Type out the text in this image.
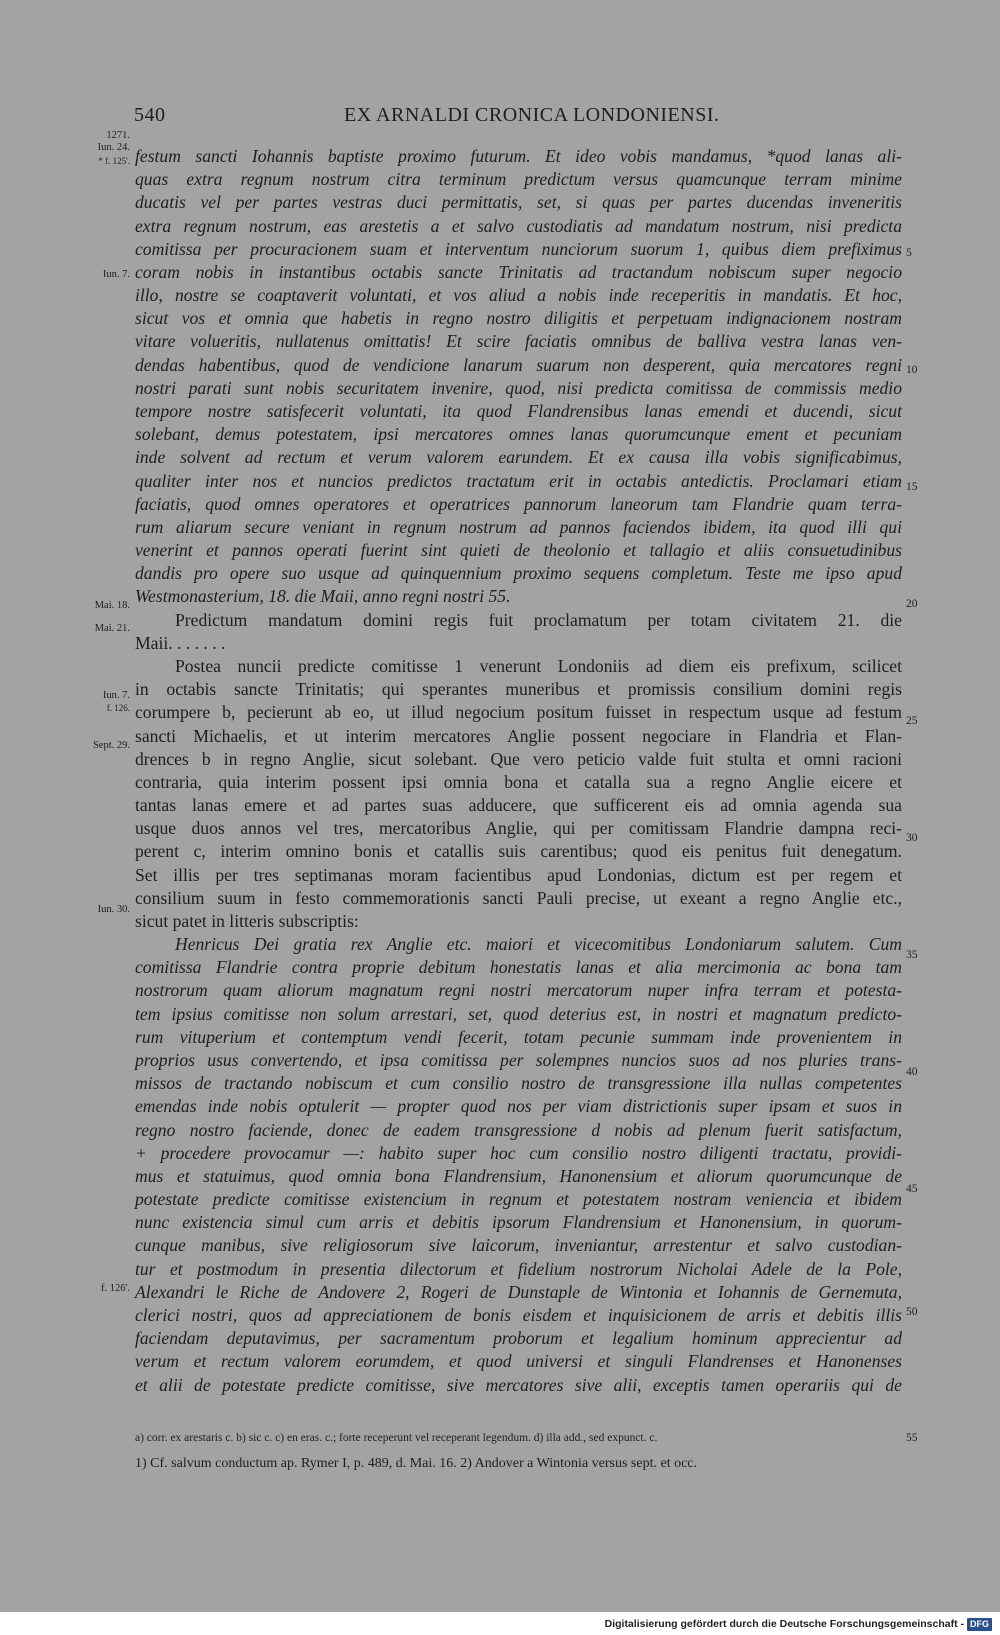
540	EX ARNALDI CRONICA LONDONIENSI.
1271.
Iun. 24.
* f. 125'.
Iun. 7.
Mai. 18.
Mai. 21.
Iun. 7.
f. 126.
Sept. 29.
Iun. 30.
f. 126'.
5
10
15
20
25
30
35
40
45
50
festum sancti Iohannis baptiste proximo futurum. Et ideo vobis mandamus, *quod lanas ali-
quas extra regnum nostrum citra terminum predictum versus quamcunque terram minime
ducatis vel per partes vestras duci permittatis, set, si quas per partes ducendas inveneritis
extra regnum nostrum, eas arestetis a et salvo custodiatis ad mandatum nostrum, nisi predicta
comitissa per procuracionem suam et interventum nunciorum suorum 1, quibus diem prefiximus
coram nobis in instantibus octabis sancte Trinitatis ad tractandum nobiscum super negocio
illo, nostre se coaptaverit voluntati, et vos aliud a nobis inde receperitis in mandatis. Et hoc,
sicut vos et omnia que habetis in regno nostro diligitis et perpetuam indignacionem nostram
vitare volueritis, nullatenus omittatis! Et scire faciatis omnibus de balliva vestra lanas ven-
dendas habentibus, quod de vendicione lanarum suarum non desperent, quia mercatores regni
nostri parati sunt nobis securitatem invenire, quod, nisi predicta comitissa de commissis medio
tempore nostre satisfecerit voluntati, ita quod Flandrensibus lanas emendi et ducendi, sicut
solebant, demus potestatem, ipsi mercatores omnes lanas quorumcunque ement et pecuniam
inde solvent ad rectum et verum valorem earundem. Et ex causa illa vobis significabimus,
qualiter inter nos et nuncios predictos tractatum erit in octabis antedictis. Proclamari etiam
faciatis, quod omnes operatores et operatrices pannorum laneorum tam Flandrie quam terra-
rum aliarum secure veniant in regnum nostrum ad pannos faciendos ibidem, ita quod illi qui
venerint et pannos operati fuerint sint quieti de theolonio et tallagio et aliis consuetudinibus
dandis pro opere suo usque ad quinquennium proximo sequens completum. Teste me ipso apud
Westmonasterium, 18. die Maii, anno regni nostri 55.
Predictum mandatum domini regis fuit proclamatum per totam civitatem 21. die
Maii. . . . . . .
Postea nuncii predicte comitisse 1 venerunt Londoniis ad diem eis prefixum, scilicet
in octabis sancte Trinitatis; qui sperantes muneribus et promissis consilium domini regis
corumpere b, pecierunt ab eo, ut illud negocium positum fuisset in respectum usque ad festum
sancti Michaelis, et ut interim mercatores Anglie possent negociare in Flandria et Flan-
drences b in regno Anglie, sicut solebant. Que vero peticio valde fuit stulta et omni racioni
contraria, quia interim possent ipsi omnia bona et catalla sua a regno Anglie eicere et
tantas lanas emere et ad partes suas adducere, que sufficerent eis ad omnia agenda sua
usque duos annos vel tres, mercatoribus Anglie, qui per comitissam Flandrie dampna reci-
perent c, interim omnino bonis et catallis suis carentibus; quod eis penitus fuit denegatum.
Set illis per tres septimanas moram facientibus apud Londonias, dictum est per regem et
consilium suum in festo commemorationis sancti Pauli precise, ut exeant a regno Anglie etc.,
sicut patet in litteris subscriptis:
Henricus Dei gratia rex Anglie etc. maiori et vicecomitibus Londoniarum salutem. Cum
comitissa Flandrie contra proprie debitum honestatis lanas et alia mercimonia ac bona tam
nostrorum quam aliorum magnatum regni nostri mercatorum nuper infra terram et potesta-
tem ipsius comitisse non solum arrestari, set, quod deterius est, in nostri et magnatum predicto-
rum vituperium et contemptum vendi fecerit, totam pecunie summam inde provenientem in
proprios usus convertendo, et ipsa comitissa per solempnes nuncios suos ad nos pluries trans-
missos de tractando nobiscum et cum consilio nostro de transgressione illa nullas competentes
emendas inde nobis optulerit — propter quod nos per viam districtionis super ipsam et suos in
regno nostro faciende, donec de eadem transgressione d nobis ad plenum fuerit satisfactum,
+ procedere provocamur —: habito super hoc cum consilio nostro diligenti tractatu, providi-
mus et statuimus, quod omnia bona Flandrensium, Hanonensium et aliorum quorumcunque de
potestate predicte comitisse existencium in regnum et potestatem nostram veniencia et ibidem
nunc existencia simul cum arris et debitis ipsorum Flandrensium et Hanonensium, in quorum-
cunque manibus, sive religiosorum sive laicorum, inveniantur, arrestentur et salvo custodian-
tur et postmodum in presentia dilectorum et fidelium nostrorum Nicholai Adele de la Pole,
Alexandri le Riche de Andovere 2, Rogeri de Dunstaple de Wintonia et Iohannis de Gernemuta,
clerici nostri, quos ad appreciationem de bonis eisdem et inquisicionem de arris et debitis illis
faciendam deputavimus, per sacramentum proborum et legalium hominum apprecientur ad
verum et rectum valorem eorumdem, et quod universi et singuli Flandrenses et Hanonenses
et alii de potestate predicte comitisse, sive mercatores sive alii, exceptis tamen operariis qui de
a) corr. ex arestaris c. b) sic c. c) en eras. c.; forte receperunt vel receperant legendum. d) illa add., sed expunct. c.	55
1) Cf. salvum conductum ap. Rymer I, p. 489, d. Mai. 16. 2) Andover a Wintonia versus sept. et occ.
Digitalisierung gefördert durch die Deutsche Forschungsgemeinschaft - DFG
